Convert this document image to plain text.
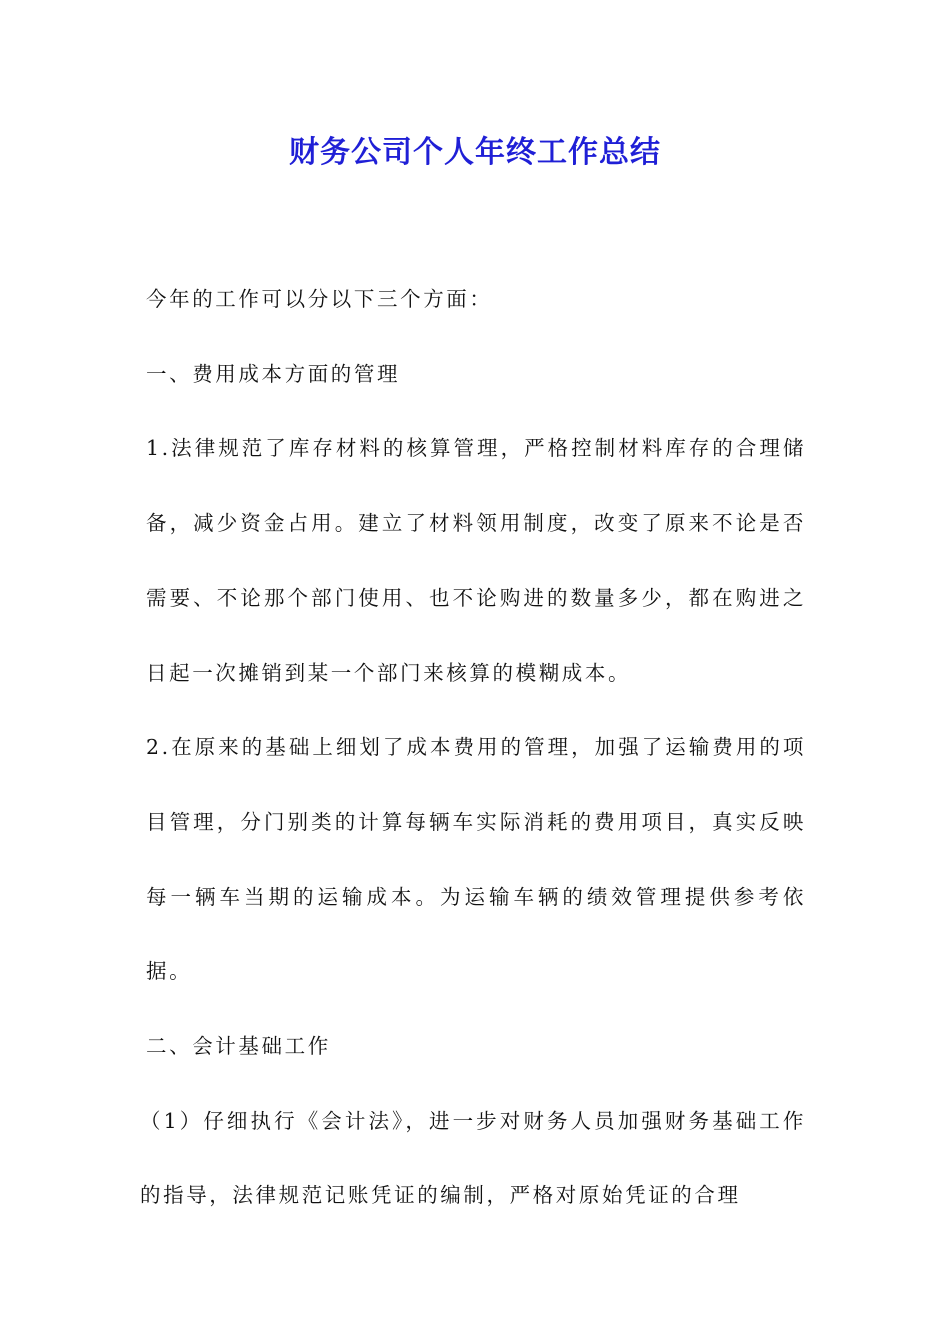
财务公司个人年终工作总结

今年的工作可以分以下三个方面：

一、费用成本方面的管理

1.法律规范了库存材料的核算管理，严格控制材料库存的合理储备，减少资金占用。建立了材料领用制度，改变了原来不论是否需要、不论那个部门使用、也不论购进的数量多少，都在购进之日起一次摊销到某一个部门来核算的模糊成本。

2.在原来的基础上细划了成本费用的管理，加强了运输费用的项目管理，分门别类的计算每辆车实际消耗的费用项目，真实反映每一辆车当期的运输成本。为运输车辆的绩效管理提供参考依据。

二、会计基础工作

（1）仔细执行《会计法》，进一步对财务人员加强财务基础工作的指导，法律规范记账凭证的编制，严格对原始凭证的合理
